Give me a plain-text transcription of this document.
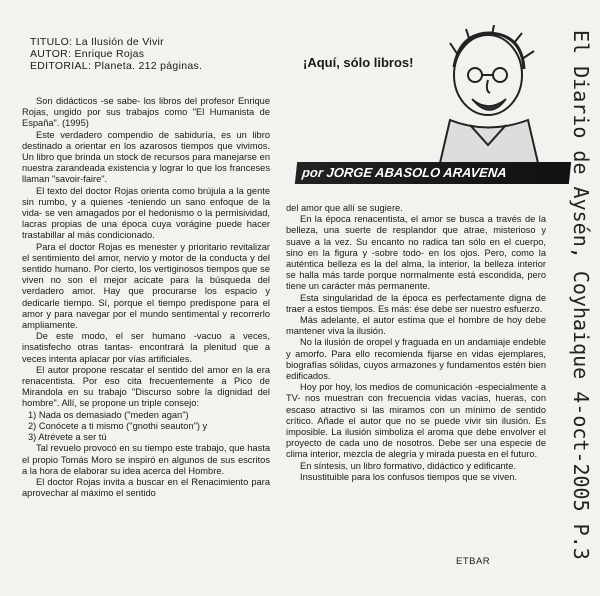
TITULO: La Ilusión de Vivir
AUTOR: Enrique Rojas
EDITORIAL: Planeta. 212 páginas.	¡Aquí, sólo libros!
por JORGE ABASOLO ARAVENA	El Diario de Aysén, Coyhaique 4-oct-2005 P.3

Son didácticos -se sabe- los libros del profesor Enrique Rojas, ungido por sus trabajos como "El Humanista de España". (1995)

Este verdadero compendio de sabiduría, es un libro destinado a orientar en los azarosos tiempos que vivimos. Un libro que brinda un stock de recursos para manejarse en nuestra zarandeada existencia y lograr lo que los franceses llaman "savoir-faire".

El texto del doctor Rojas orienta como brújula a la gente sin rumbo, y a quienes -teniendo un sano enfoque de la vida- se ven amagados por el hedonismo o la permisividad, lacras propias de una época cuya vorágine puede hacer trastabillar al más condicionado.

Para el doctor Rojas es menester y prioritario revitalizar el sentimiento del amor, nervio y motor de la conducta y del sentido humano. Por cierto, los vertiginosos tiempos que se viven no son el mejor acicate para la búsqueda del verdadero amor. Hay que procurarse los espacio y dedicarle tiempo. Sí, porque el tiempo predispone para el amor y para navegar por el mundo sentimental y recorrerlo ampliamente.

De este modo, el ser humano -vacuo a veces, insatisfecho otras tantas- encontrará la plenitud que a veces intenta aplacar por vías artificiales.

El autor propone rescatar el sentido del amor en la era renacentista. Por eso cita frecuentemente a Pico de Mirandola en su trabajo "Discurso sobre la dignidad del hombre". Allí, se propone un triple consejo:

1) Nada os demasiado ("meden agan")

2) Conócete a ti mismo ("gnothi seauton") y

3) Atrévete a ser tú

Tal revuelo provocó en su tiempo este trabajo, que hasta el propio Tomás Moro se inspiró en algunos de sus escritos a la hora de elaborar su idea acerca del Hombre.

El doctor Rojas invita a buscar en el Renacimiento para aprovechar al máximo el sentido

del amor que allí se sugiere.

En la época renacentista, el amor se busca a través de la belleza, una suerte de resplandor que atrae, misterioso y suave a la vez. Su encanto no radica tan sólo en el cuerpo, sino en la figura y -sobre todo- en los ojos. Pero, como la auténtica belleza es la del alma, la interior, la belleza interior se halla más tarde porque normalmente está escondida, pero tiene un carácter más permanente.

Esta singularidad de la época es perfectamente digna de traer a estos tiempos. Es más: ése debe ser nuestro esfuerzo.

Más adelante, el autor estima que el hombre de hoy debe mantener viva la ilusión.

No la ilusión de oropel y fraguada en un andamiaje endeble y amorfo. Para ello recomienda fijarse en vidas ejemplares, biografías sólidas, cuyos armazones y fundamentos estén bien edificados.

Hoy por hoy, los medios de comunicación -especialmente a TV- nos muestran con frecuencia vidas vacías, hueras, con escaso atractivo si las miramos con un mínimo de sentido crítico. Añade el autor que no se puede vivir sin ilusión. Es imposible. La ilusión simboliza el aroma que debe envolver el proyecto de cada uno de nosotros. Debe ser una especie de clima interior, mezcla de alegría y mirada puesta en el futuro.

En síntesis, un libro formativo, didáctico y edificante.

Insustituible para los confusos tiempos que se viven.

ETBAR
